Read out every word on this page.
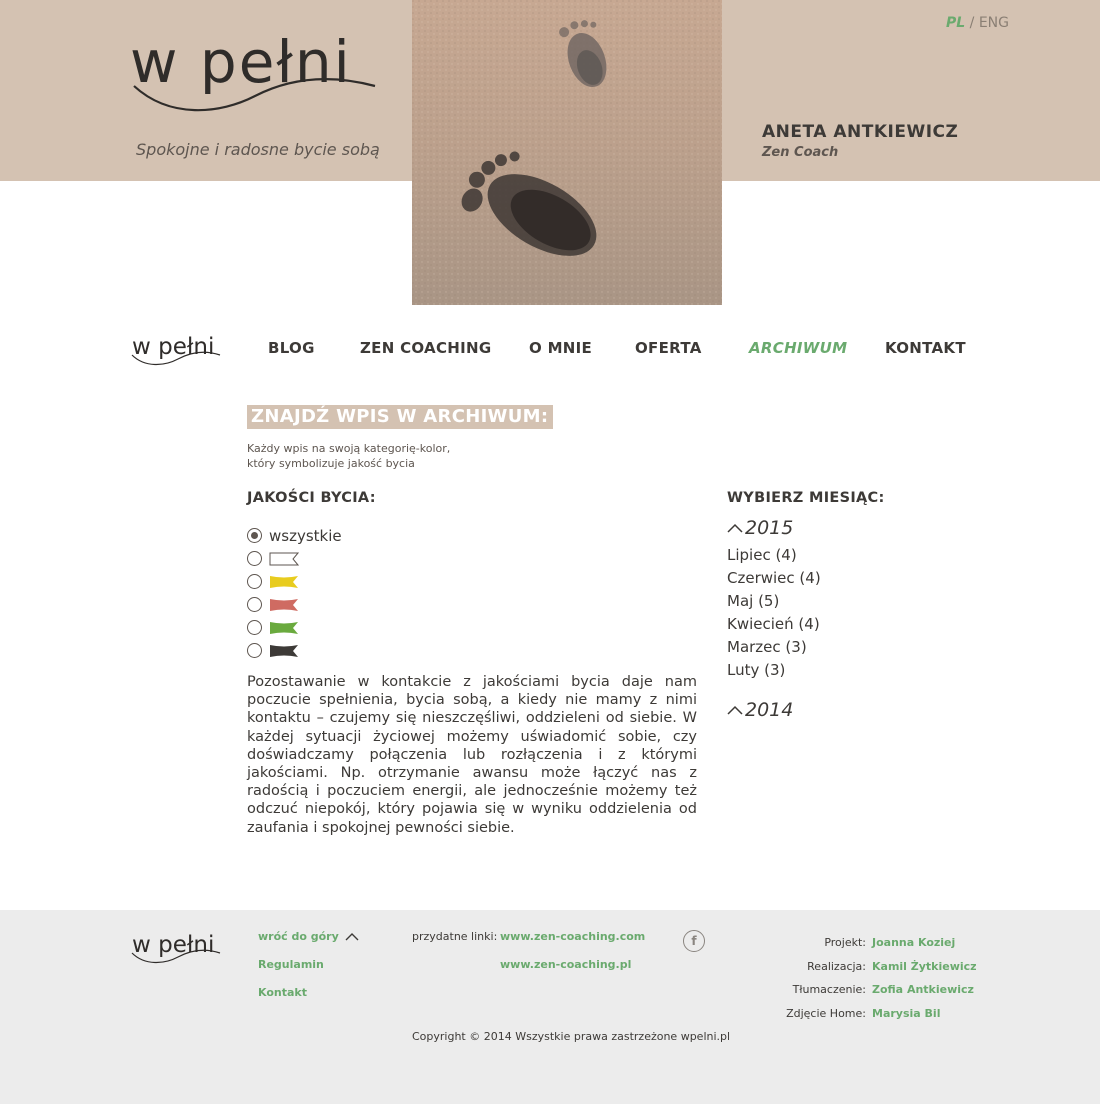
w pełni
Spokojne i radosne bycie sobą
PL / ENG
ANETA ANTKIEWICZ
Zen Coach
w pełni	BLOG	ZEN COACHING	O MNIE	OFERTA	ARCHIWUM	KONTAKT
ZNAJDŹ WPIS W ARCHIWUM:
Każdy wpis na swoją kategorię-kolor,
który symbolizuje jakość bycia
JAKOŚCI BYCIA:
wszystkie

Pozostawanie w kontakcie z jakościami bycia daje nam poczucie spełnienia, bycia sobą, a kiedy nie mamy z nimi kontaktu – czujemy się nieszczęśliwi, oddzieleni od siebie. W każdej sytuacji życiowej możemy uświadomić sobie, czy doświadczamy połączenia lub rozłączenia i z którymi jakościami. Np. otrzymanie awansu może łączyć nas z radością i poczuciem energii, ale jednocześnie możemy też odczuć niepokój, który pojawia się w wyniku oddzielenia od zaufania i spokojnej pewności siebie.

WYBIERZ MIESIĄC:
2015
Lipiec (4)
Czerwiec (4)
Maj (5)
Kwiecień (4)
Marzec (3)
Luty (3)
2014
w pełni	wróć do góry
Regulamin
Kontakt
przydatne linki: www.zen-coaching.com
www.zen-coaching.pl
f	Projekt: Joanna Koziej
Realizacja: Kamil Żytkiewicz
Tłumaczenie: Zofia Antkiewicz
Zdjęcie Home: Marysia Bil
Copyright © 2014 Wszystkie prawa zastrzeżone wpelni.pl
